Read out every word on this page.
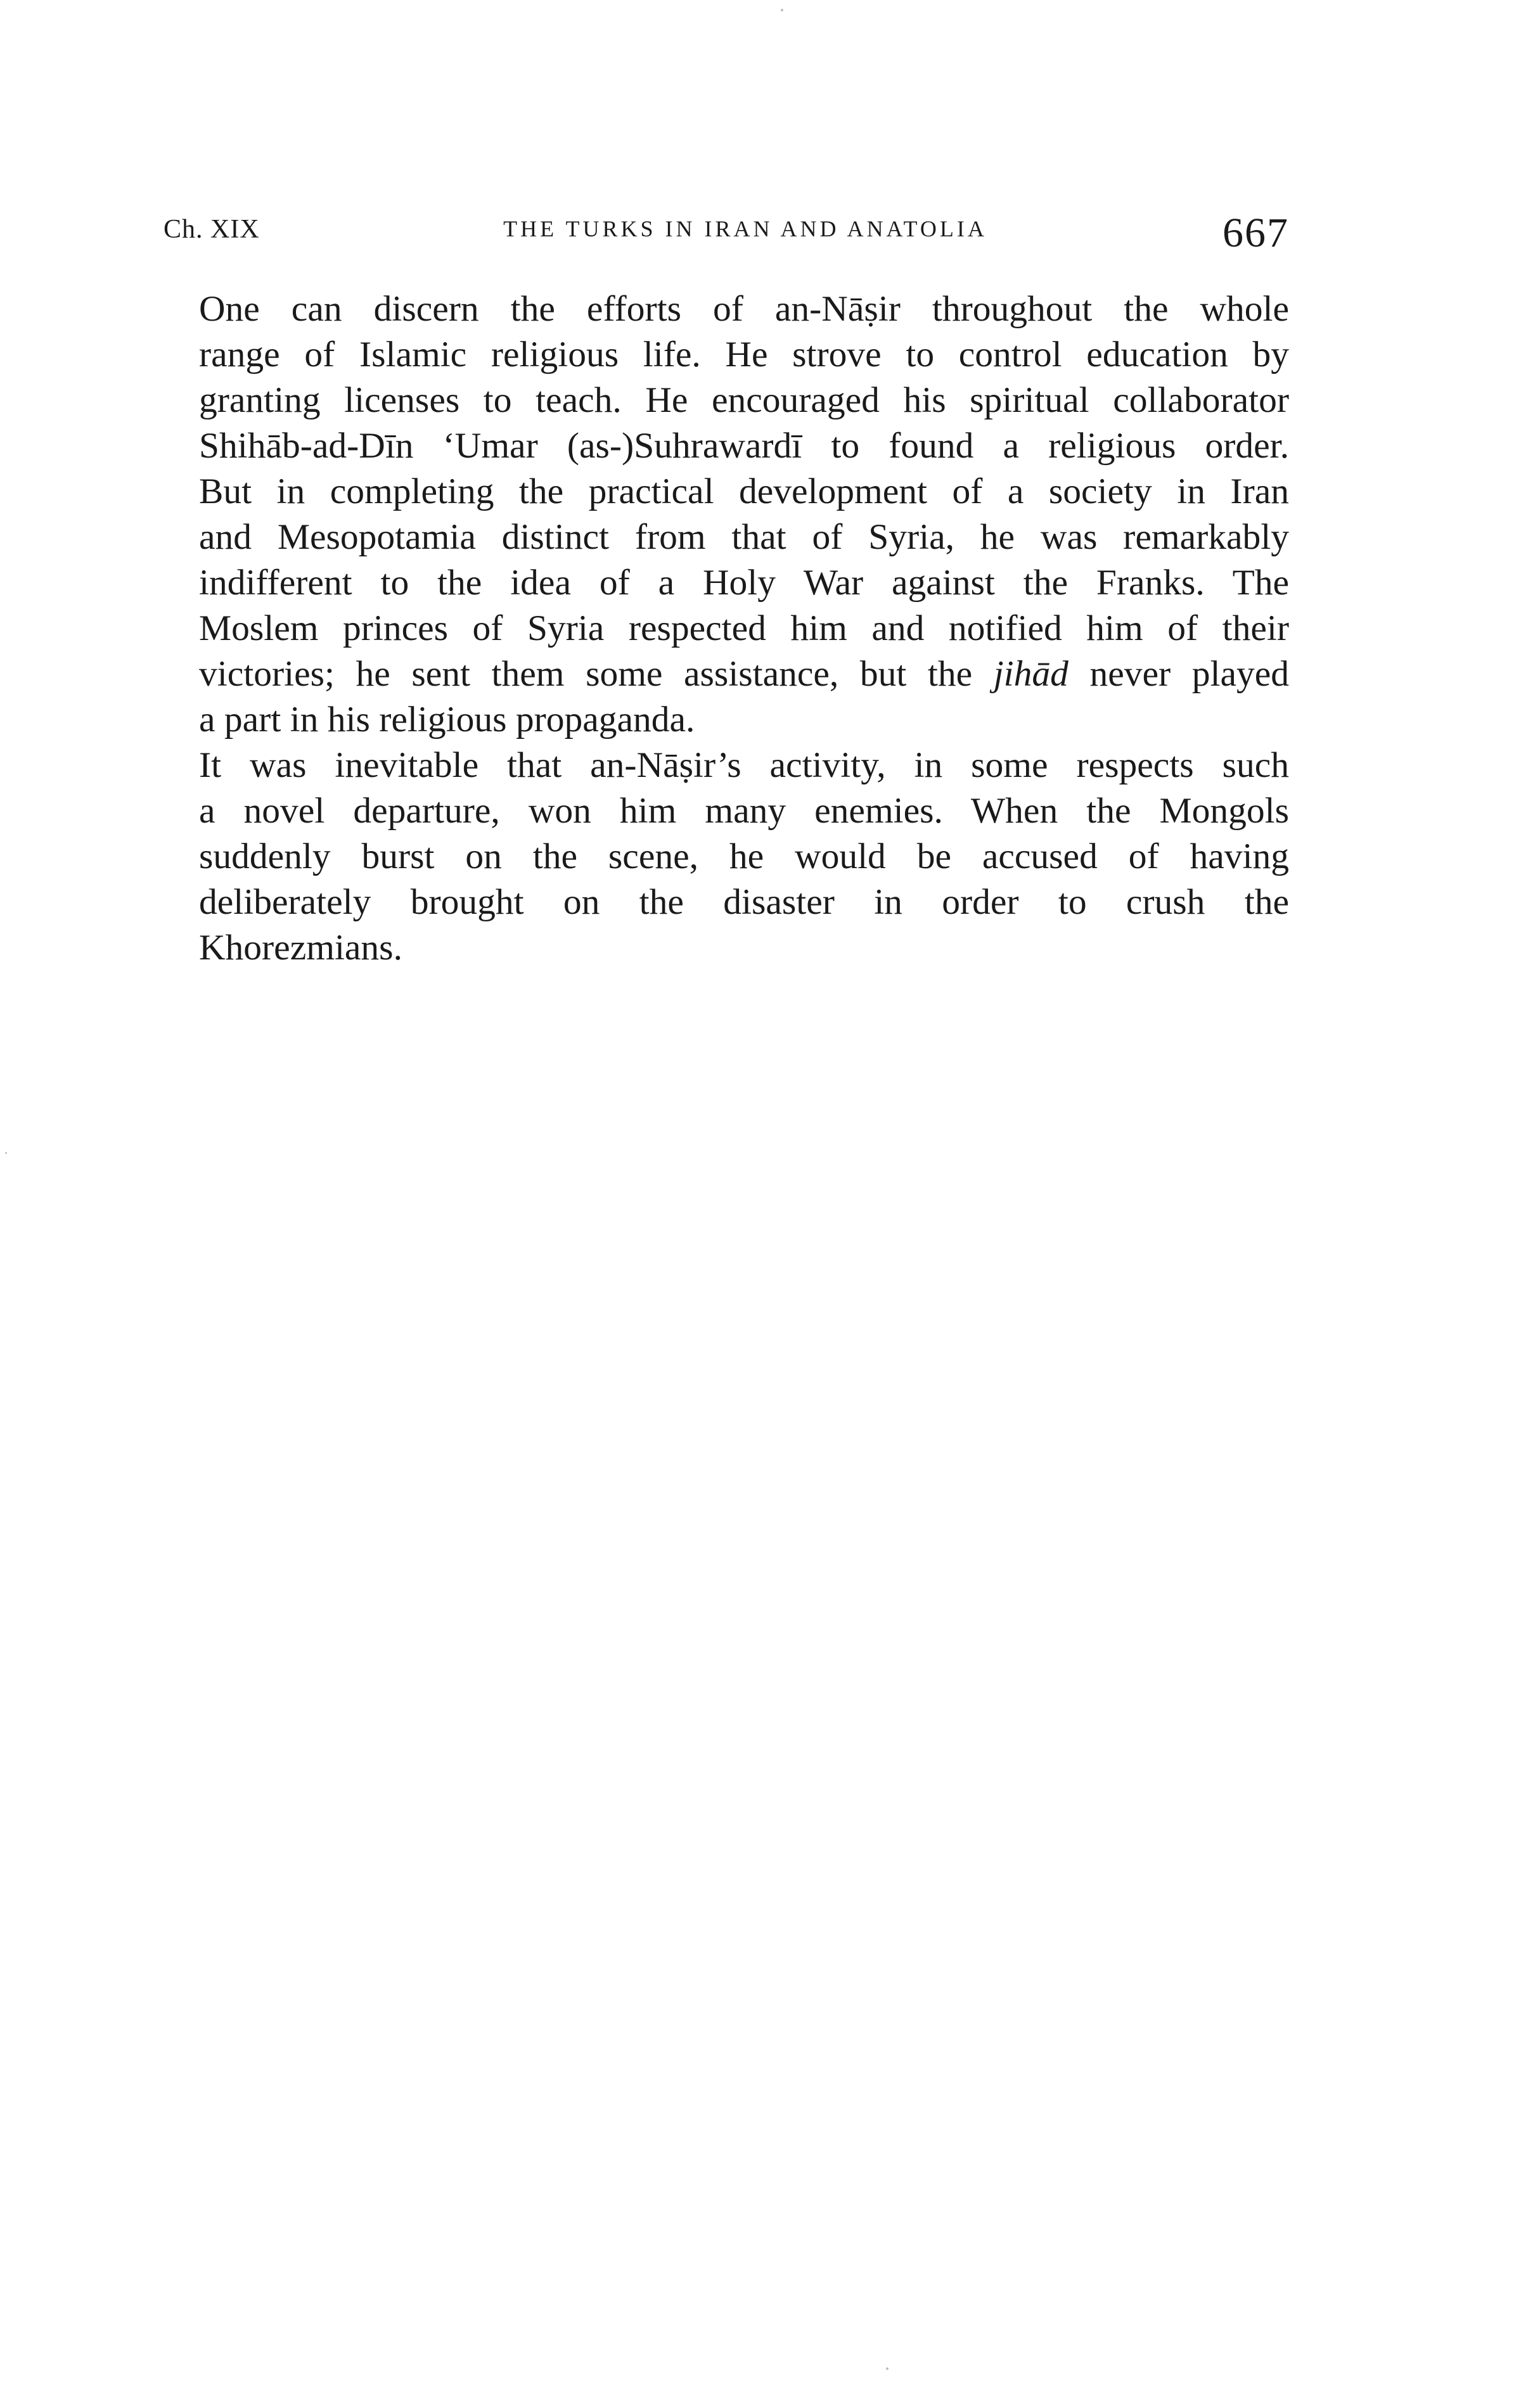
Ch. XIX	THE TURKS IN IRAN AND ANATOLIA	667

One can discern the efforts of an-Nāṣir throughout the whole
range of Islamic religious life. He strove to control education by
granting licenses to teach. He encouraged his spiritual collaborator
Shihāb-ad-Dīn ‘Umar (as-)Suhrawardī to found a religious order.
But in completing the practical development of a society in Iran
and Mesopotamia distinct from that of Syria, he was remarkably
indifferent to the idea of a Holy War against the Franks. The
Moslem princes of Syria respected him and notified him of their
victories; he sent them some assistance, but the jihād never played
a part in his religious propaganda.

It was inevitable that an-Nāṣir’s activity, in some respects such
a novel departure, won him many enemies. When the Mongols
suddenly burst on the scene, he would be accused of having
deliberately brought on the disaster in order to crush the
Khorezmians.
